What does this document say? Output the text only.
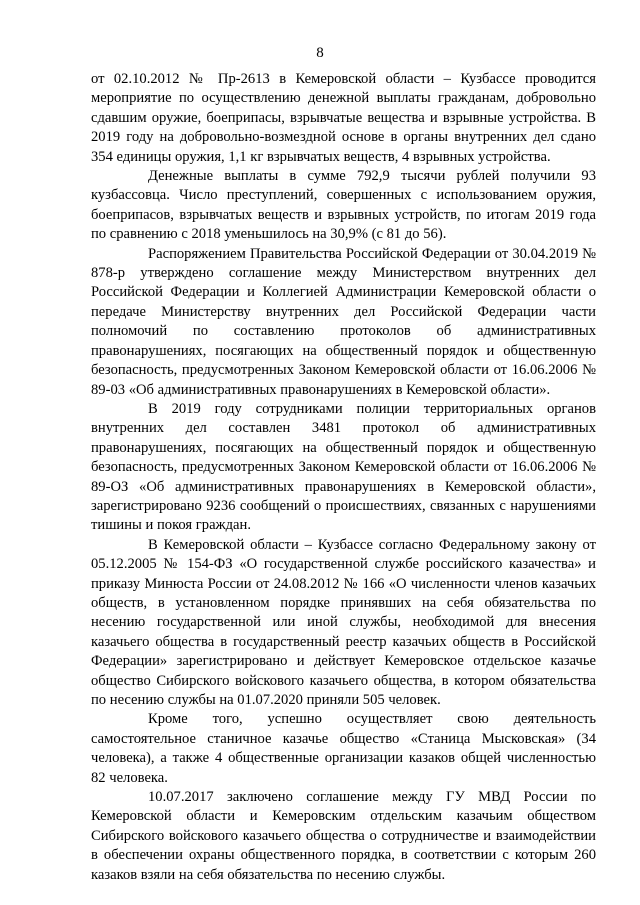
8

от 02.10.2012 № Пр-2613 в Кемеровской области – Кузбассе проводится мероприятие по осуществлению денежной выплаты гражданам, добровольно сдавшим оружие, боеприпасы, взрывчатые вещества и взрывные устройства. В 2019 году на добровольно-возмездной основе в органы внутренних дел сдано 354 единицы оружия, 1,1 кг взрывчатых веществ, 4 взрывных устройства.

Денежные выплаты в сумме 792,9 тысячи рублей получили 93 кузбассовца. Число преступлений, совершенных с использованием оружия, боеприпасов, взрывчатых веществ и взрывных устройств, по итогам 2019 года по сравнению с 2018 уменьшилось на 30,9% (с 81 до 56).

Распоряжением Правительства Российской Федерации от 30.04.2019 № 878-р утверждено соглашение между Министерством внутренних дел Российской Федерации и Коллегией Администрации Кемеровской области о передаче Министерству внутренних дел Российской Федерации части полномочий по составлению протоколов об административных правонарушениях, посягающих на общественный порядок и общественную безопасность, предусмотренных Законом Кемеровской области от 16.06.2006 № 89-03 «Об административных правонарушениях в Кемеровской области».

В 2019 году сотрудниками полиции территориальных органов внутренних дел составлен 3481 протокол об административных правонарушениях, посягающих на общественный порядок и общественную безопасность, предусмотренных Законом Кемеровской области от 16.06.2006 № 89-ОЗ «Об административных правонарушениях в Кемеровской области», зарегистрировано 9236 сообщений о происшествиях, связанных с нарушениями тишины и покоя граждан.

В Кемеровской области – Кузбассе согласно Федеральному закону от 05.12.2005 № 154-ФЗ «О государственной службе российского казачества» и приказу Минюста России от 24.08.2012 № 166 «О численности членов казачьих обществ, в установленном порядке принявших на себя обязательства по несению государственной или иной службы, необходимой для внесения казачьего общества в государственный реестр казачьих обществ в Российской Федерации» зарегистрировано и действует Кемеровское отдельское казачье общество Сибирского войскового казачьего общества, в котором обязательства по несению службы на 01.07.2020 приняли 505 человек.

Кроме того, успешно осуществляет свою деятельность самостоятельное станичное казачье общество «Станица Мысковская» (34 человека), а также 4 общественные организации казаков общей численностью 82 человека.

10.07.2017 заключено соглашение между ГУ МВД России по Кемеровской области и Кемеровским отдельским казачьим обществом Сибирского войскового казачьего общества о сотрудничестве и взаимодействии в обеспечении охраны общественного порядка, в соответствии с которым 260 казаков взяли на себя обязательства по несению службы.
